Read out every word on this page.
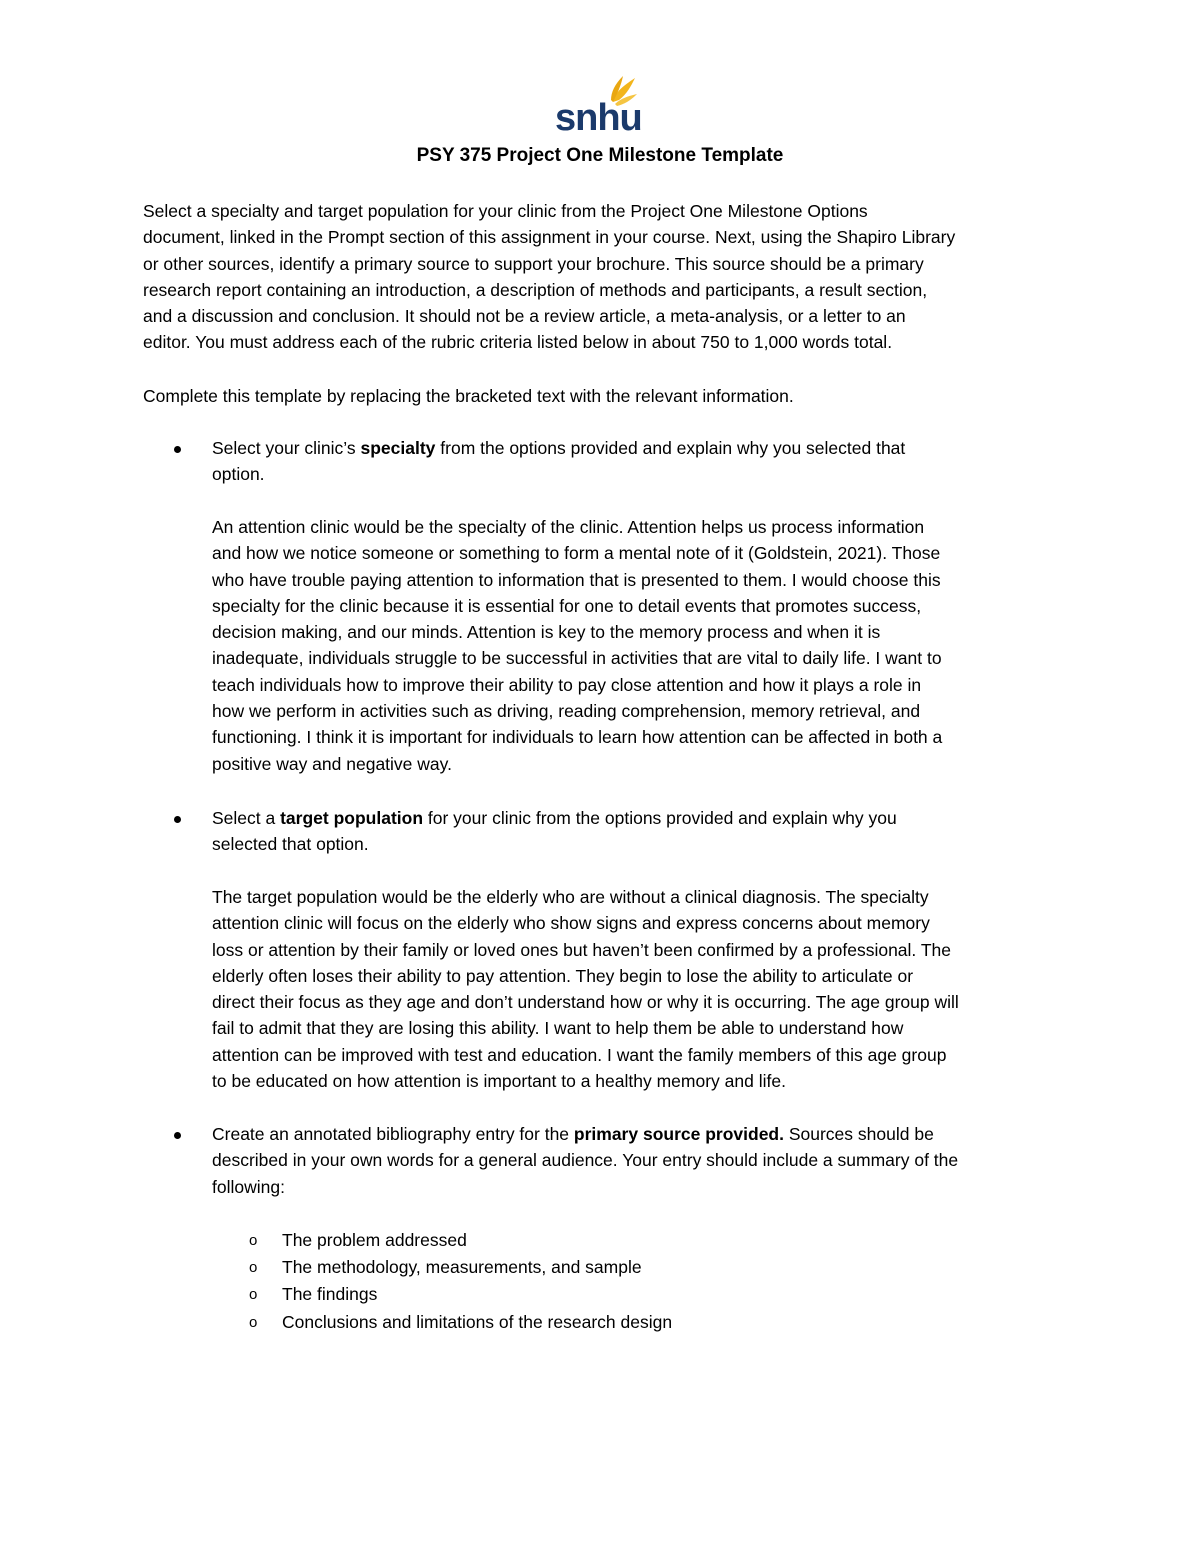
snhu
PSY 375 Project One Milestone Template
Select a specialty and target population for your clinic from the Project One Milestone Options
document, linked in the Prompt section of this assignment in your course. Next, using the Shapiro Library
or other sources, identify a primary source to support your brochure. This source should be a primary
research report containing an introduction, a description of methods and participants, a result section,
and a discussion and conclusion. It should not be a review article, a meta-analysis, or a letter to an
editor. You must address each of the rubric criteria listed below in about 750 to 1,000 words total.
Complete this template by replacing the bracketed text with the relevant information.
Select your clinic’s specialty from the options provided and explain why you selected that
option.
An attention clinic would be the specialty of the clinic. Attention helps us process information
and how we notice someone or something to form a mental note of it (Goldstein, 2021). Those
who have trouble paying attention to information that is presented to them. I would choose this
specialty for the clinic because it is essential for one to detail events that promotes success,
decision making, and our minds. Attention is key to the memory process and when it is
inadequate, individuals struggle to be successful in activities that are vital to daily life. I want to
teach individuals how to improve their ability to pay close attention and how it plays a role in
how we perform in activities such as driving, reading comprehension, memory retrieval, and
functioning. I think it is important for individuals to learn how attention can be affected in both a
positive way and negative way.
Select a target population for your clinic from the options provided and explain why you
selected that option.
The target population would be the elderly who are without a clinical diagnosis. The specialty
attention clinic will focus on the elderly who show signs and express concerns about memory
loss or attention by their family or loved ones but haven’t been confirmed by a professional. The
elderly often loses their ability to pay attention. They begin to lose the ability to articulate or
direct their focus as they age and don’t understand how or why it is occurring. The age group will
fail to admit that they are losing this ability. I want to help them be able to understand how
attention can be improved with test and education. I want the family members of this age group
to be educated on how attention is important to a healthy memory and life.
Create an annotated bibliography entry for the primary source provided. Sources should be
described in your own words for a general audience. Your entry should include a summary of the
following:
o The problem addressed
o The methodology, measurements, and sample
o The findings
o Conclusions and limitations of the research design
